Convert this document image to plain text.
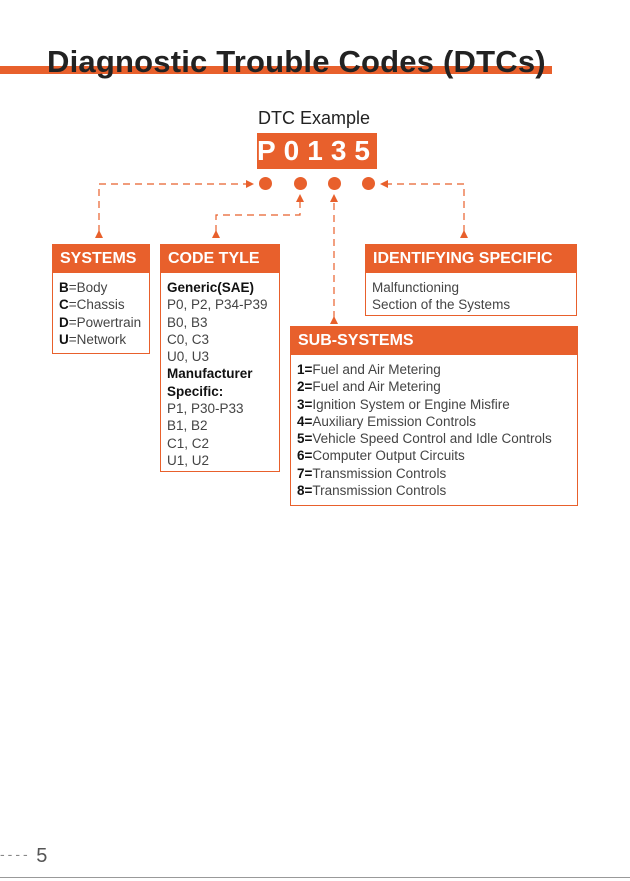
Diagnostic Trouble Codes (DTCs)
DTC Example
P0135
SYSTEMS
B=Body
C=Chassis
D=Powertrain
U=Network
CODE TYLE
Generic(SAE)
P0, P2, P34-P39
B0, B3
C0, C3
U0, U3
Manufacturer
Specific:
P1, P30-P33
B1, B2
C1, C2
U1, U2
IDENTIFYING SPECIFIC
Malfunctioning
Section of the Systems
SUB-SYSTEMS
1=Fuel and Air Metering
2=Fuel and Air Metering
3=Ignition System or Engine Misfire
4=Auxiliary Emission Controls
5=Vehicle Speed Control and Idle Controls
6=Computer Output Circuits
7=Transmission Controls
8=Transmission Controls
---- 5
